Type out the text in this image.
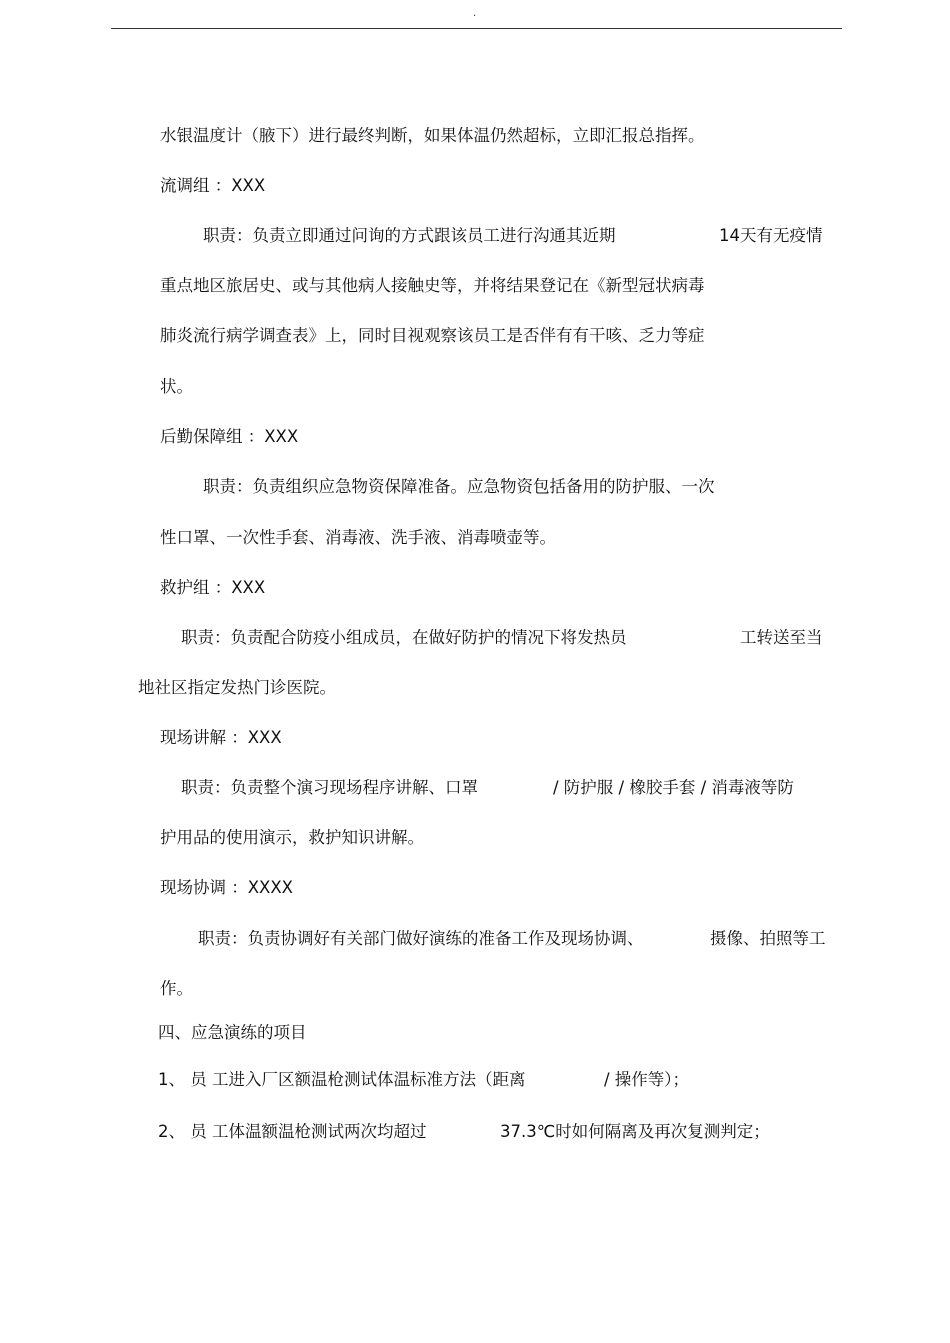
.

水银温度计（腋下）进行最终判断，如果体温仍然超标，立即汇报总指挥。

流调组 ：XXX

职责：负责立即通过问询的方式跟该员工进行沟通其近期	14天有无疫情

重点地区旅居史、或与其他病人接触史等，并将结果登记在《新型冠状病毒

肺炎流行病学调查表》上，同时目视观察该员工是否伴有有干咳、乏力等症

状。

后勤保障组 ：XXX

职责：负责组织应急物资保障准备。应急物资包括备用的防护服、一次

性口罩、一次性手套、消毒液、洗手液、消毒喷壶等。

救护组 ：XXX

职责：负责配合防疫小组成员，在做好防护的情况下将发热员	工转送至当

地社区指定发热门诊医院。

现场讲解 ：XXX

职责：负责整个演习现场程序讲解、口罩	/ 防护服 / 橡胶手套 / 消毒液等防

护用品的使用演示，救护知识讲解。

现场协调 ：XXXX

职责：负责协调好有关部门做好演练的准备工作及现场协调、	摄像、拍照等工

作。

四、应急演练的项目

1、 员 工进入厂区额温枪测试体温标准方法（距离	/ 操作等）；

2、 员 工体温额温枪测试两次均超过	37.3℃时如何隔离及再次复测判定；
